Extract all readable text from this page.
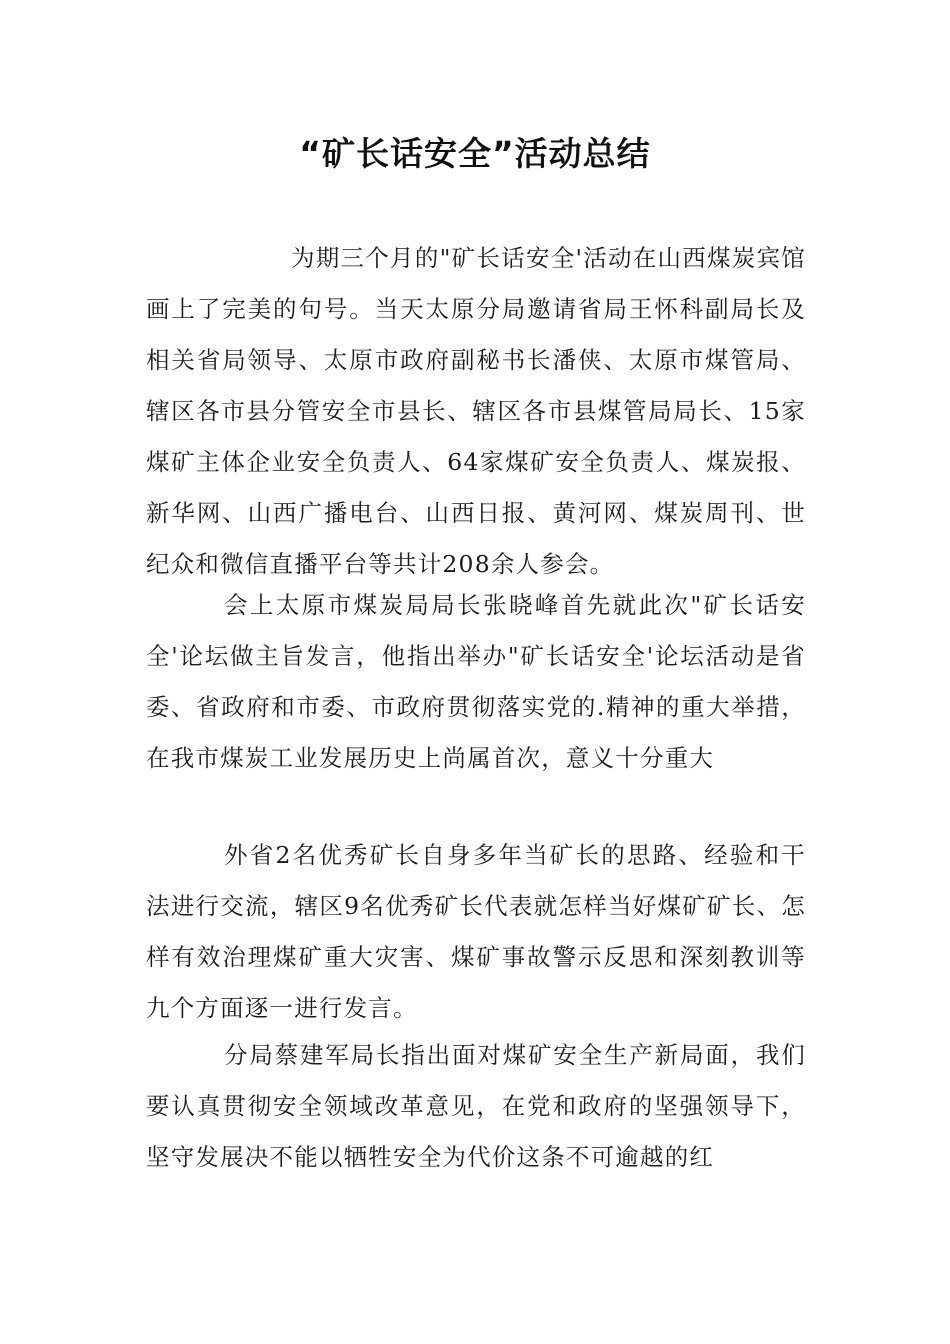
“矿长话安全”活动总结

为期三个月的"矿长话安全'活动在山西煤炭宾馆画上了完美的句号。当天太原分局邀请省局王怀科副局长及相关省局领导、太原市政府副秘书长潘侠、太原市煤管局、辖区各市县分管安全市县长、辖区各市县煤管局局长、15家煤矿主体企业安全负责人、64家煤矿安全负责人、煤炭报、新华网、山西广播电台、山西日报、黄河网、煤炭周刊、世纪众和微信直播平台等共计208余人参会。

会上太原市煤炭局局长张晓峰首先就此次"矿长话安全'论坛做主旨发言，他指出举办"矿长话安全'论坛活动是省委、省政府和市委、市政府贯彻落实党的.精神的重大举措，在我市煤炭工业发展历史上尚属首次，意义十分重大

外省2名优秀矿长自身多年当矿长的思路、经验和干法进行交流，辖区9名优秀矿长代表就怎样当好煤矿矿长、怎样有效治理煤矿重大灾害、煤矿事故警示反思和深刻教训等九个方面逐一进行发言。

分局蔡建军局长指出面对煤矿安全生产新局面，我们要认真贯彻安全领域改革意见，在党和政府的坚强领导下，坚守发展决不能以牺牲安全为代价这条不可逾越的红
